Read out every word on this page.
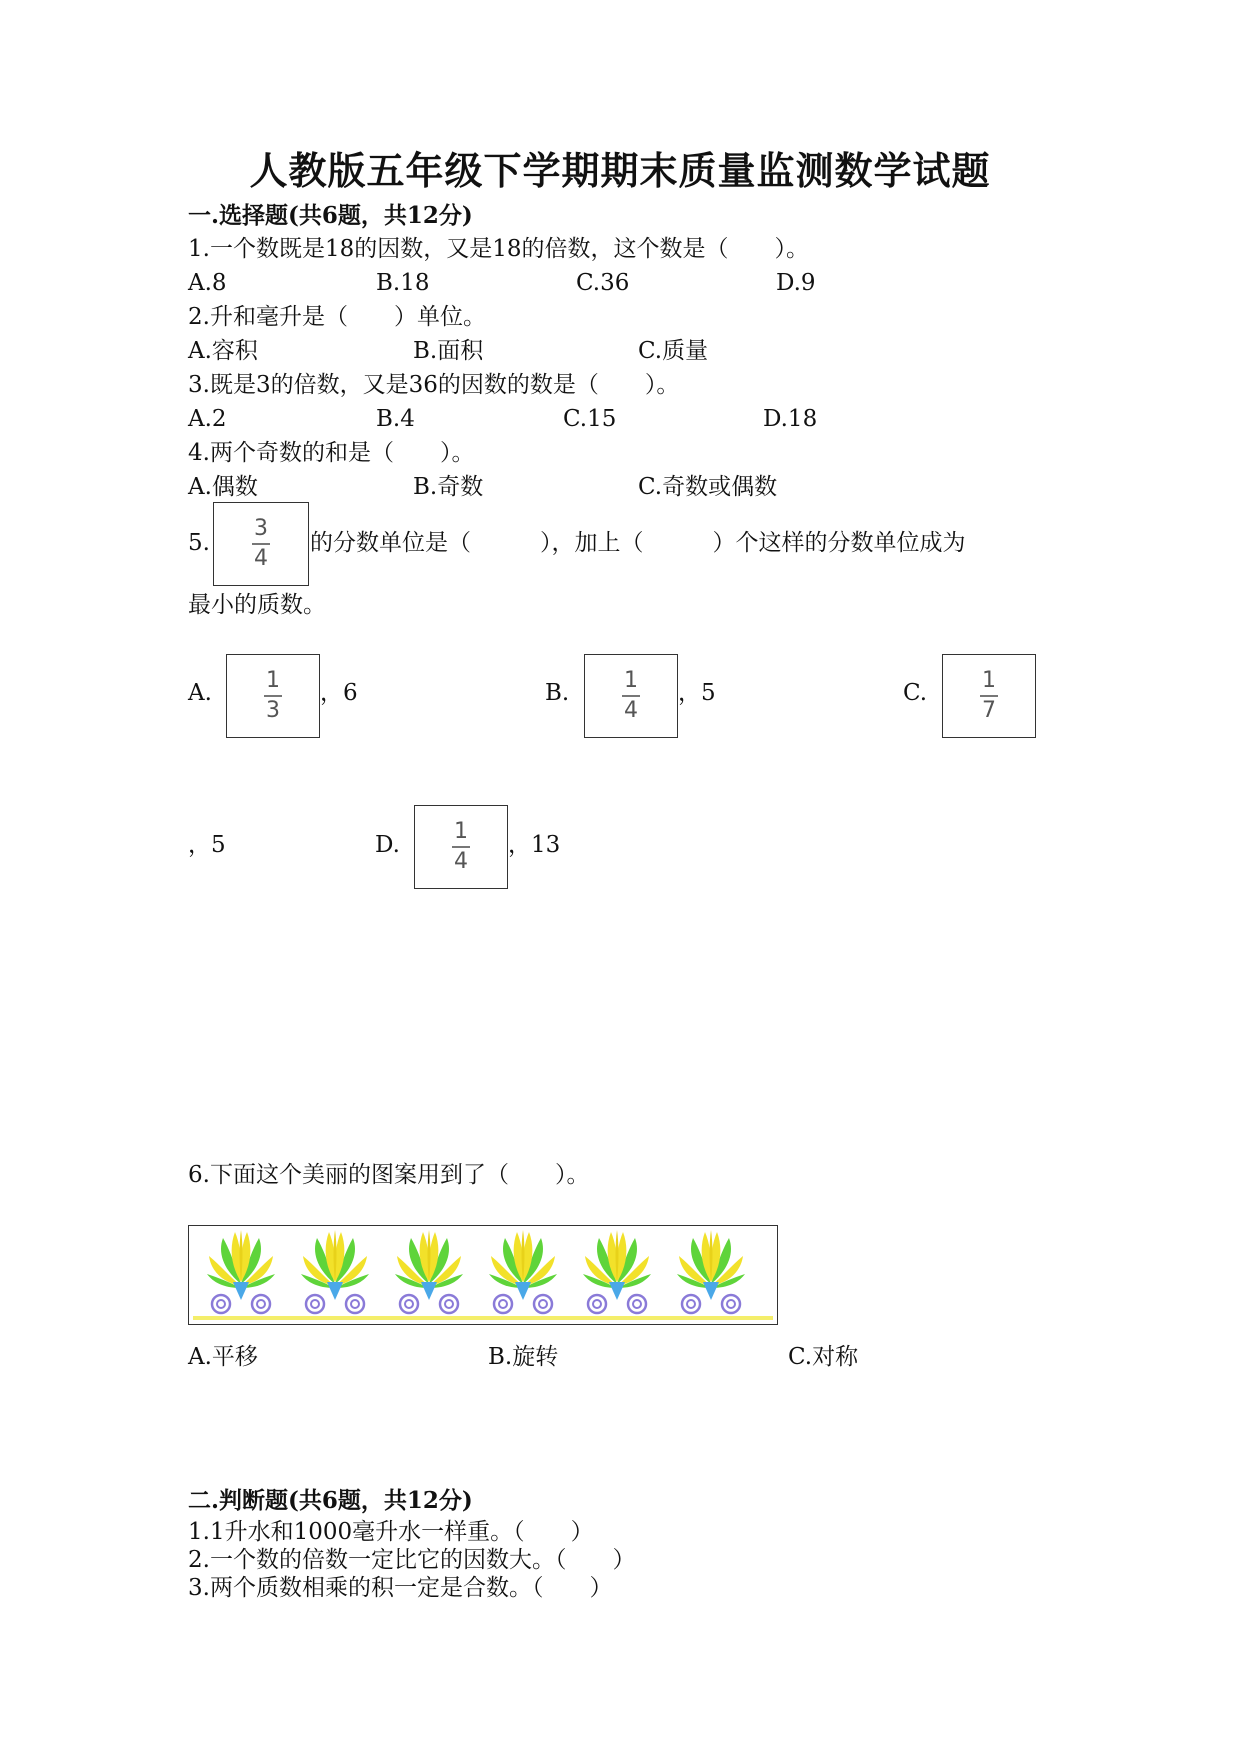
人教版五年级下学期期末质量监测数学试题
一.选择题(共6题，共12分)
1.一个数既是18的因数，又是18的倍数，这个数是（　　）。
A.8	B.18	C.36	D.9
2.升和毫升是（　　）单位。
A.容积	B.面积	C.质量
3.既是3的倍数，又是36的因数的数是（　　）。
A.2	B.4	C.15	D.18
4.两个奇数的和是（　　）。
A.偶数	B.奇数	C.奇数或偶数
5. $\frac{3}{4}$ 的分数单位是（　　　），加上（　　　）个这样的分数单位成为
最小的质数。
A. $\frac{1}{3}$ ，6	B. $\frac{1}{4}$ ，5	C. $\frac{1}{7}$
，5	D. $\frac{1}{4}$ ，13
6.下面这个美丽的图案用到了（　　）。
A.平移	B.旋转	C.对称
二.判断题(共6题，共12分)
1.1升水和1000毫升水一样重。（　　）
2.一个数的倍数一定比它的因数大。（　　）
3.两个质数相乘的积一定是合数。（　　）
